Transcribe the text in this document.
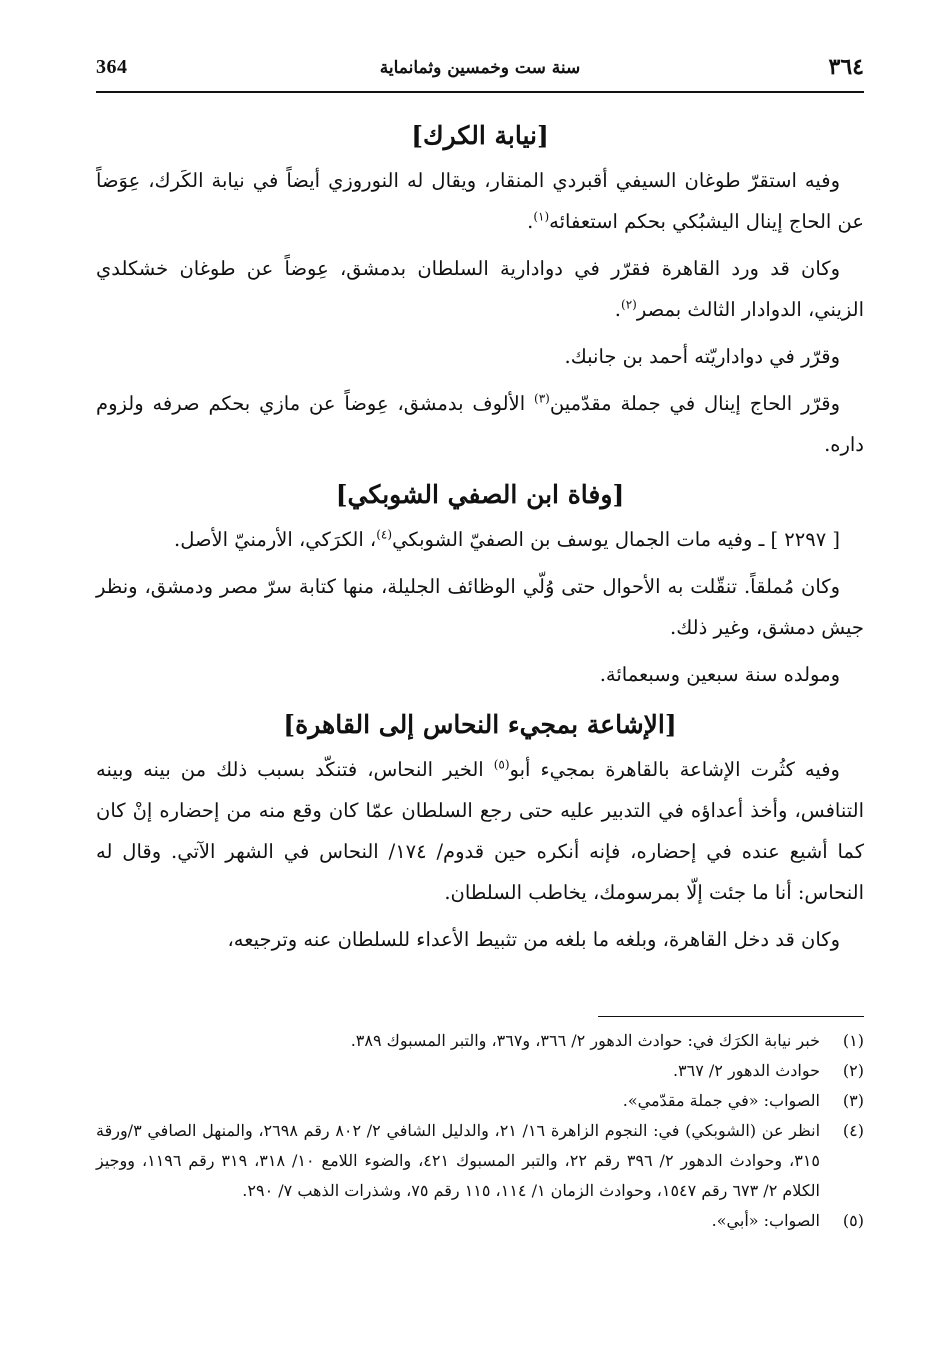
364	سنة ست وخمسين وثمانماية	٣٦٤
[نيابة الكرك]

وفيه استقرّ طوغان السيفي أقبردي المنقار، ويقال له النوروزي أيضاً في نيابة الكَرك، عِوَضاً عن الحاج إينال اليشبُكي بحكم استعفائه$^{(١)}$.

وكان قد ورد القاهرة فقرّر في دوادارية السلطان بدمشق، عِوضاً عن طوغان خشكلدي الزيني، الدوادار الثالث بمصر$^{(٢)}$.

وقرّر في دواداريّته أحمد بن جانبك.

وقرّر الحاج إينال في جملة مقدّمين$^{(٣)}$ الألوف بدمشق، عِوضاً عن مازي بحكم صرفه ولزوم داره.

[وفاة ابن الصفي الشوبكي]

[ ٢٢٩٧ ] ـ وفيه مات الجمال يوسف بن الصفيّ الشوبكي$^{(٤)}$، الكرَكي، الأرمنيّ الأصل.

وكان مُملقاً. تنقّلت به الأحوال حتى وُلّي الوظائف الجليلة، منها كتابة سرّ مصر ودمشق، ونظر جيش دمشق، وغير ذلك.

ومولده سنة سبعين وسبعمائة.

[الإشاعة بمجيء النحاس إلى القاهرة]

وفيه كثُرت الإشاعة بالقاهرة بمجيء أبو$^{(٥)}$ الخير النحاس، فتنكّد بسبب ذلك من بينه وبينه التنافس، وأخذ أعداؤه في التدبير عليه حتى رجع السلطان عمّا كان وقع منه من إحضاره إنْ كان كما أشيع عنده في إحضاره، فإنه أنكره حين قدوم/ ١٧٤/ النحاس في الشهر الآتي. وقال له النحاس: أنا ما جئت إلّا بمرسومك، يخاطب السلطان.

وكان قد دخل القاهرة، وبلغه ما بلغه من تثبيط الأعداء للسلطان عنه وترجيعه،

(١)
خبر نيابة الكرَك في: حوادث الدهور ٢/ ٣٦٦، و٣٦٧، والتبر المسبوك ٣٨٩.
(٢)
حوادث الدهور ٢/ ٣٦٧.
(٣)
الصواب: «في جملة مقدّمي».
(٤)
انظر عن (الشوبكي) في: النجوم الزاهرة ١٦/ ٢١، والدليل الشافي ٢/ ٨٠٢ رقم ٢٦٩٨، والمنهل الصافي ٣/ورقة ٣١٥، وحوادث الدهور ٢/ ٣٩٦ رقم ٢٢، والتبر المسبوك ٤٢١، والضوء اللامع ١٠/ ٣١٨، ٣١٩ رقم ١١٩٦، ووجيز الكلام ٢/ ٦٧٣ رقم ١٥٤٧، وحوادث الزمان ١/ ١١٤، ١١٥ رقم ٧٥، وشذرات الذهب ٧/ ٢٩٠.
(٥)
الصواب: «أبي».
